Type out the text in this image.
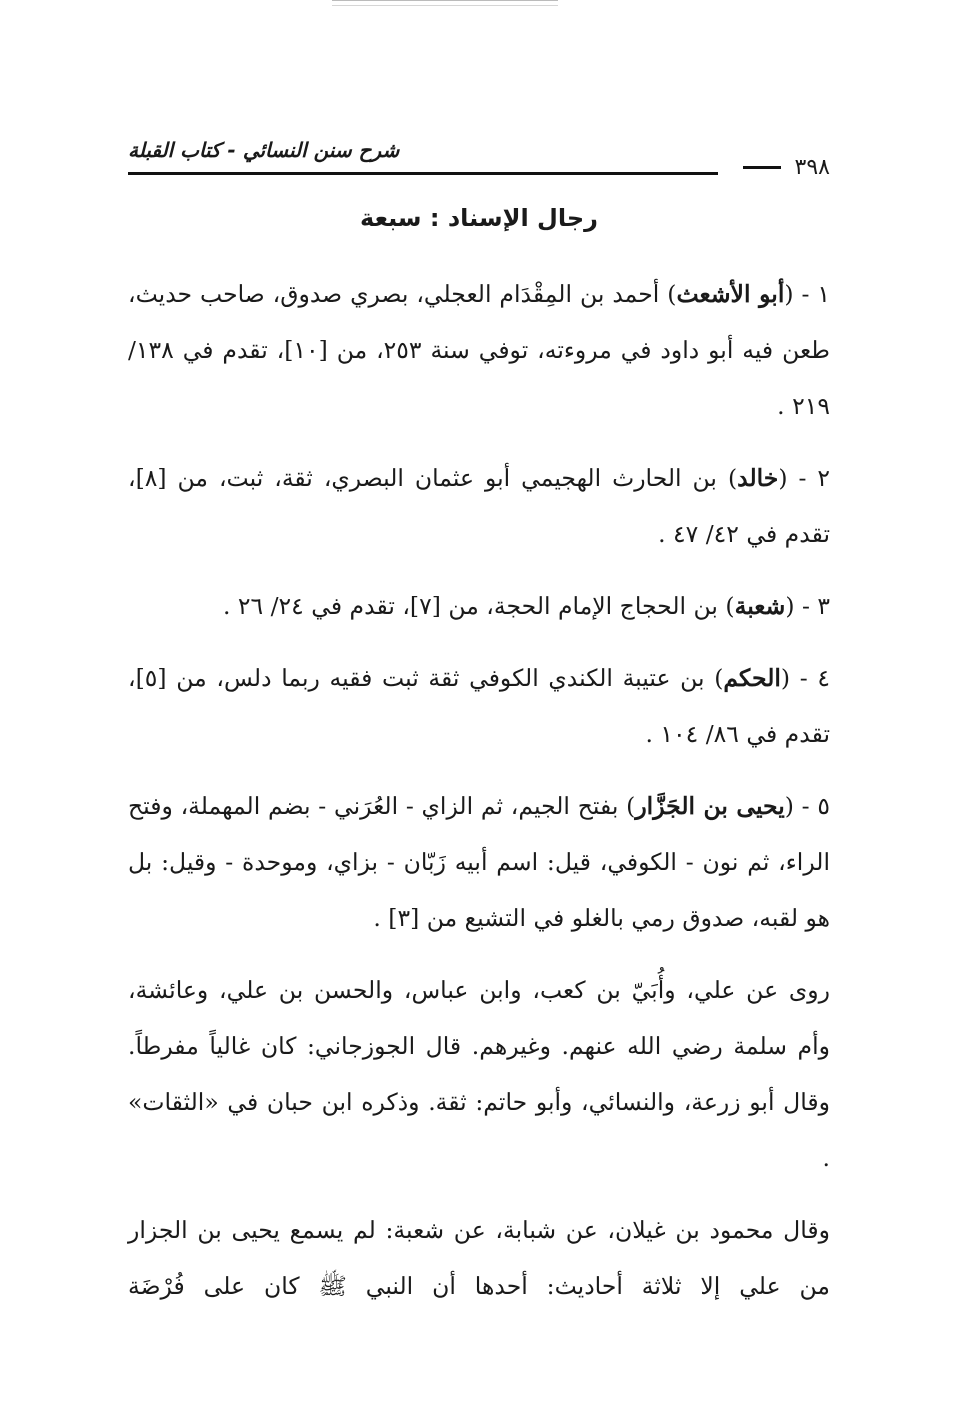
شرح سنن النسائي - كتاب القبلة
٣٩٨
رجال الإسناد : سبعة

١ - (أبو الأشعث) أحمد بن المِقْدَام العجلي، بصري صدوق، صاحب حديث، طعن فيه أبو داود في مروءته، توفي سنة ٢٥٣، من [١٠]، تقدم في ١٣٨/ ٢١٩ .

٢ - (خالد) بن الحارث الهجيمي أبو عثمان البصري، ثقة، ثبت، من [٨]، تقدم في ٤٢/ ٤٧ .

٣ - (شعبة) بن الحجاج الإمام الحجة، من [٧]، تقدم في ٢٤/ ٢٦ .

٤ - (الحكم) بن عتيبة الكندي الكوفي ثقة ثبت فقيه ربما دلس، من [٥]، تقدم في ٨٦/ ١٠٤ .

٥ - (يحيى بن الجَزَّار) بفتح الجيم، ثم الزاي - العُرَني - بضم المهملة، وفتح الراء، ثم نون - الكوفي، قيل: اسم أبيه زَبّان - بزاي، وموحدة - وقيل: بل هو لقبه، صدوق رمي بالغلو في التشيع من [٣] .

روى عن علي، وأُبَيّ بن كعب، وابن عباس، والحسن بن علي، وعائشة، وأم سلمة رضي الله عنهم. وغيرهم. قال الجوزجاني: كان غالياً مفرطاً. وقال أبو زرعة، والنسائي، وأبو حاتم: ثقة. وذكره ابن حبان في «الثقات» .

وقال محمود بن غيلان، عن شبابة، عن شعبة: لم يسمع يحيى بن الجزار من علي إلا ثلاثة أحاديث: أحدها أن النبي ﷺ كان على فُرْضَة
